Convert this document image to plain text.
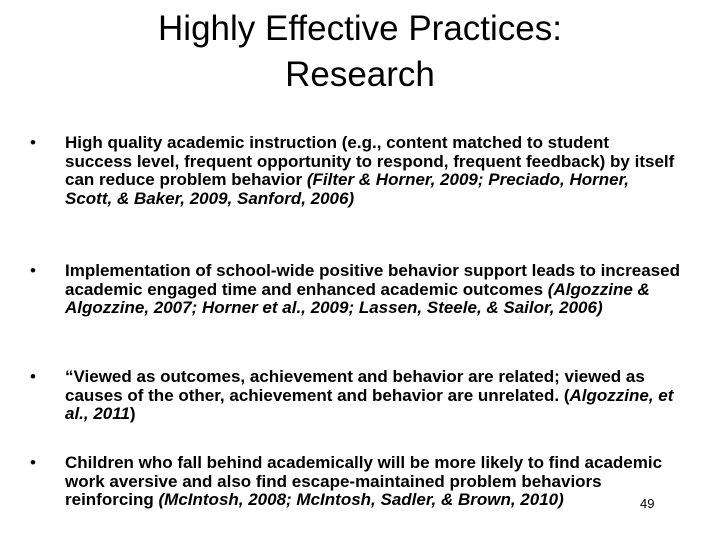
Highly Effective Practices:
Research
• High quality academic instruction (e.g., content matched to student success level, frequent opportunity to respond, frequent feedback) by itself can reduce problem behavior (Filter & Horner, 2009; Preciado, Horner, Scott, & Baker, 2009, Sanford, 2006)
• Implementation of school-wide positive behavior support leads to increased academic engaged time and enhanced academic outcomes (Algozzine & Algozzine, 2007; Horner et al., 2009; Lassen, Steele, & Sailor, 2006)
• “Viewed as outcomes, achievement and behavior are related; viewed as causes of the other, achievement and behavior are unrelated. (Algozzine, et al., 2011)
• Children who fall behind academically will be more likely to find academic work aversive and also find escape-maintained problem behaviors reinforcing (McIntosh, 2008; McIntosh, Sadler, & Brown, 2010)	49
